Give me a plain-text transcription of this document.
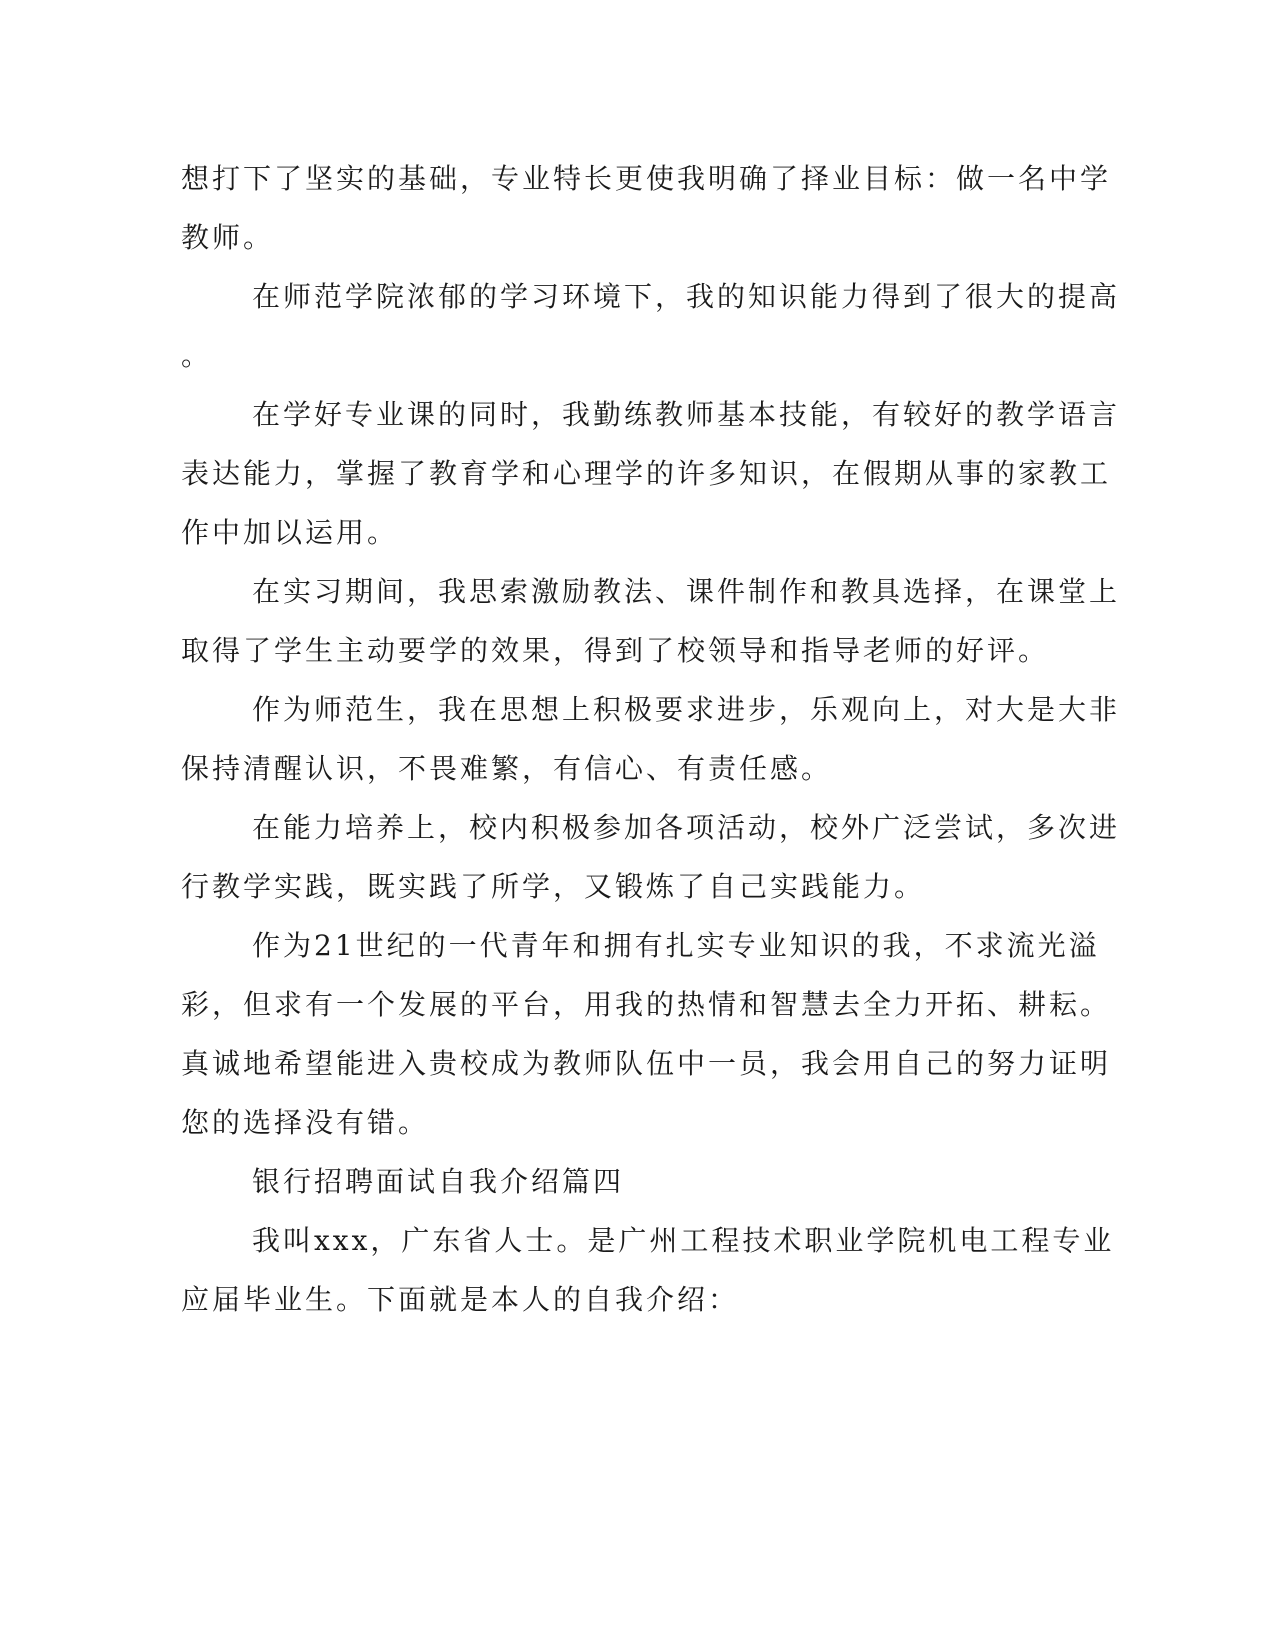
想打下了坚实的基础，专业特长更使我明确了择业目标：做一名中学

教师。

在师范学院浓郁的学习环境下，我的知识能力得到了很大的提高

。

在学好专业课的同时，我勤练教师基本技能，有较好的教学语言

表达能力，掌握了教育学和心理学的许多知识，在假期从事的家教工

作中加以运用。

在实习期间，我思索激励教法、课件制作和教具选择，在课堂上

取得了学生主动要学的效果，得到了校领导和指导老师的好评。

作为师范生，我在思想上积极要求进步，乐观向上，对大是大非

保持清醒认识，不畏难繁，有信心、有责任感。

在能力培养上，校内积极参加各项活动，校外广泛尝试，多次进

行教学实践，既实践了所学，又锻炼了自己实践能力。

作为21世纪的一代青年和拥有扎实专业知识的我，不求流光溢

彩，但求有一个发展的平台，用我的热情和智慧去全力开拓、耕耘。

真诚地希望能进入贵校成为教师队伍中一员，我会用自己的努力证明

您的选择没有错。

银行招聘面试自我介绍篇四

我叫xxx，广东省人士。是广州工程技术职业学院机电工程专业

应届毕业生。下面就是本人的自我介绍：
